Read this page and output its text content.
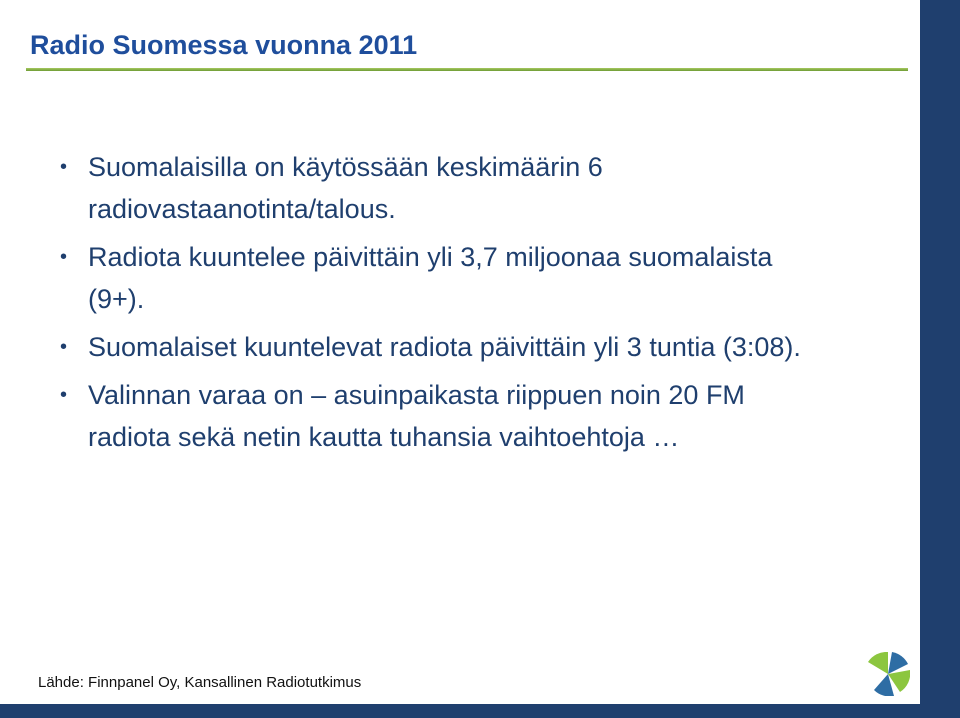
Radio Suomessa vuonna 2011
• Suomalaisilla on käytössään keskimäärin 6 radiovastaanotinta/talous.
• Radiota kuuntelee päivittäin yli 3,7 miljoonaa suomalaista (9+).
• Suomalaiset kuuntelevat radiota päivittäin yli 3 tuntia (3:08).
• Valinnan varaa on – asuinpaikasta riippuen noin 20 FM radiota sekä netin kautta tuhansia vaihtoehtoja …
Lähde: Finnpanel Oy, Kansallinen Radiotutkimus
